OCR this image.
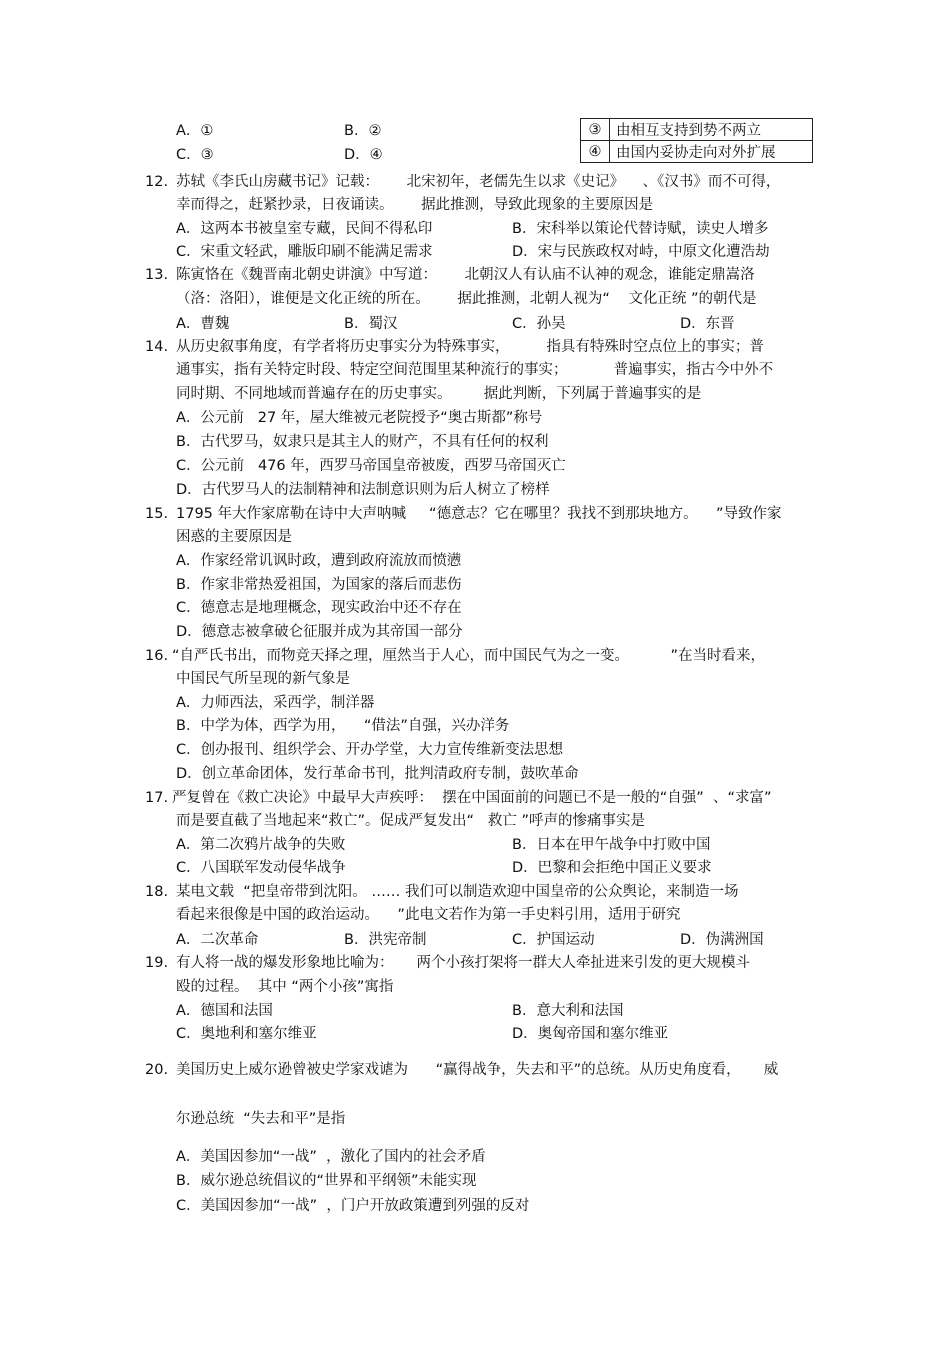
A．①	B．②
C．③	D．④
③	由相互支持到势不两立
④	由国内妥协走向对外扩展
12. 苏轼《李氏山房藏书记》记载：      北宋初年，老儒先生以求《史记》    、《汉书》而不可得，
幸而得之，赶紧抄录，日夜诵读。      据此推测，导致此现象的主要原因是
A．这两本书被皇室专藏，民间不得私印	B．宋科举以策论代替诗赋，读史人增多
C．宋重文轻武，雕版印刷不能满足需求	D．宋与民族政权对峙，中原文化遭浩劫
13. 陈寅恪在《魏晋南北朝史讲演》中写道：      北朝汉人有认庙不认神的观念，谁能定鼎嵩洛
（洛：洛阳），谁便是文化正统的所在。      据此推测，北朝人视为“    文化正统 ”的朝代是
A．曹魏	B．蜀汉	C．孙吴	D．东晋
14. 从历史叙事角度，有学者将历史事实分为特殊事实，        指具有特殊时空点位上的事实；普
通事实，指有关特定时段、特定空间范围里某种流行的事实；          普遍事实，指古今中外不
同时期、不同地域而普遍存在的历史事实。       据此判断，下列属于普遍事实的是
A．公元前   27 年，屋大维被元老院授予“奥古斯都”称号
B．古代罗马，奴隶只是其主人的财产，不具有任何的权利
C．公元前   476 年，西罗马帝国皇帝被废，西罗马帝国灭亡
D．古代罗马人的法制精神和法制意识则为后人树立了榜样
15. 1795 年大作家席勒在诗中大声呐喊     “德意志？它在哪里？我找不到那块地方。    ”导致作家
困惑的主要原因是
A．作家经常讥讽时政，遭到政府流放而愤懑
B．作家非常热爱祖国，为国家的落后而悲伤
C．德意志是地理概念，现实政治中还不存在
D．德意志被拿破仑征服并成为其帝国一部分
16. “自严氏书出，而物竞天择之理，厘然当于人心，而中国民气为之一变。         ”在当时看来，
中国民气所呈现的新气象是
A．力师西法，采西学，制洋器
B．中学为体，西学为用，    “借法”自强，兴办洋务
C．创办报刊、组织学会、开办学堂，大力宣传维新变法思想
D．创立革命团体，发行革命书刊，批判清政府专制，鼓吹革命
17. 严复曾在《救亡决论》中最早大声疾呼：  摆在中国面前的问题已不是一般的“自强”  、“求富”
而是要直截了当地起来“救亡”。促成严复发出“   救亡 ”呼声的惨痛事实是
A．第二次鸦片战争的失败	B．日本在甲午战争中打败中国
C．八国联军发动侵华战争	D．巴黎和会拒绝中国正义要求
18. 某电文载  “把皇帝带到沈阳。 …… 我们可以制造欢迎中国皇帝的公众舆论，来制造一场
看起来很像是中国的政治运动。    ”此电文若作为第一手史料引用，适用于研究
A．二次革命	B．洪宪帝制	C．护国运动	D．伪满洲国
19. 有人将一战的爆发形象地比喻为：     两个小孩打架将一群大人牵扯进来引发的更大规模斗
殴的过程。  其中 “两个小孩”寓指
A．德国和法国	B．意大利和法国
C．奥地利和塞尔维亚	D．奥匈帝国和塞尔维亚
20. 美国历史上威尔逊曾被史学家戏谑为      “赢得战争，失去和平”的总统。从历史角度看，     威
尔逊总统  “失去和平”是指
A．美国因参加“一战”  ，激化了国内的社会矛盾
B．威尔逊总统倡议的“世界和平纲领”未能实现
C．美国因参加“一战”  ，门户开放政策遭到列强的反对
